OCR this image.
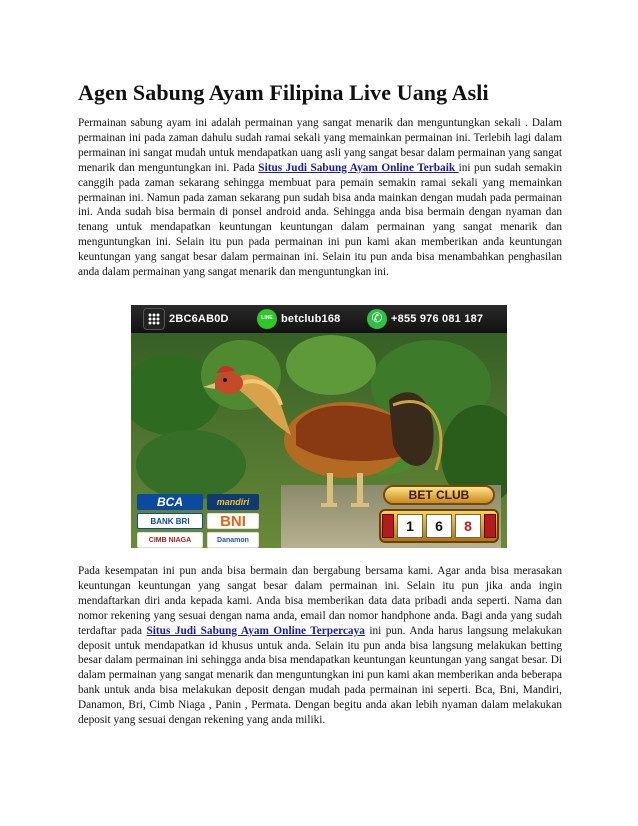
Agen Sabung Ayam Filipina Live Uang Asli

Permainan sabung ayam ini adalah permainan yang sangat menarik dan menguntungkan sekali . Dalam permainan ini pada zaman dahulu sudah ramai sekali yang memainkan permainan ini. Terlebih lagi dalam permainan ini sangat mudah untuk mendapatkan uang asli yang sangat besar dalam permainan yang sangat menarik dan menguntungkan ini. Pada Situs Judi Sabung Ayam Online Terbaik ini pun sudah semakin canggih pada zaman sekarang sehingga membuat para pemain semakin ramai sekali yang memainkan permainan ini. Namun pada zaman sekarang pun sudah bisa anda mainkan dengan mudah pada permainan ini. Anda sudah bisa bermain di ponsel android anda. Sehingga anda bisa bermain dengan nyaman dan tenang untuk mendapatkan keuntungan keuntungan dalam permainan yang sangat menarik dan menguntungkan ini. Selain itu pun pada permainan ini pun kami akan memberikan anda keuntungan keuntungan yang sangat besar dalam permainan ini. Selain itu pun anda bisa menambahkan penghasilan anda dalam permainan yang sangat menarik dan menguntungkan ini.

2BC6AB0D LINE	betclub168 ✆	+855 976 081 187
BCA	mandiri
BANK BRI	BNI
CIMB NIAGA	Danamon
BET CLUB
1	6	8

Pada kesempatan ini pun anda bisa bermain dan bergabung bersama kami. Agar anda bisa merasakan keuntungan keuntungan yang sangat besar dalam permainan ini. Selain itu pun jika anda ingin mendaftarkan diri anda kepada kami. Anda bisa memberikan data data pribadi anda seperti. Nama dan nomor rekening yang sesuai dengan nama anda, email dan nomor handphone anda. Bagi anda yang sudah terdaftar pada Situs Judi Sabung Ayam Online Terpercaya ini pun. Anda harus langsung melakukan deposit untuk mendapatkan id khusus untuk anda. Selain itu pun anda bisa langsung melakukan betting besar dalam permainan ini sehingga anda bisa mendapatkan keuntungan keuntungan yang sangat besar. Di dalam permainan yang sangat menarik dan menguntungkan ini pun kami akan memberikan anda beberapa bank untuk anda bisa melakukan deposit dengan mudah pada permainan ini seperti. Bca, Bni, Mandiri, Danamon, Bri, Cimb Niaga , Panin , Permata. Dengan begitu anda akan lebih nyaman dalam melakukan deposit yang sesuai dengan rekening yang anda miliki.
